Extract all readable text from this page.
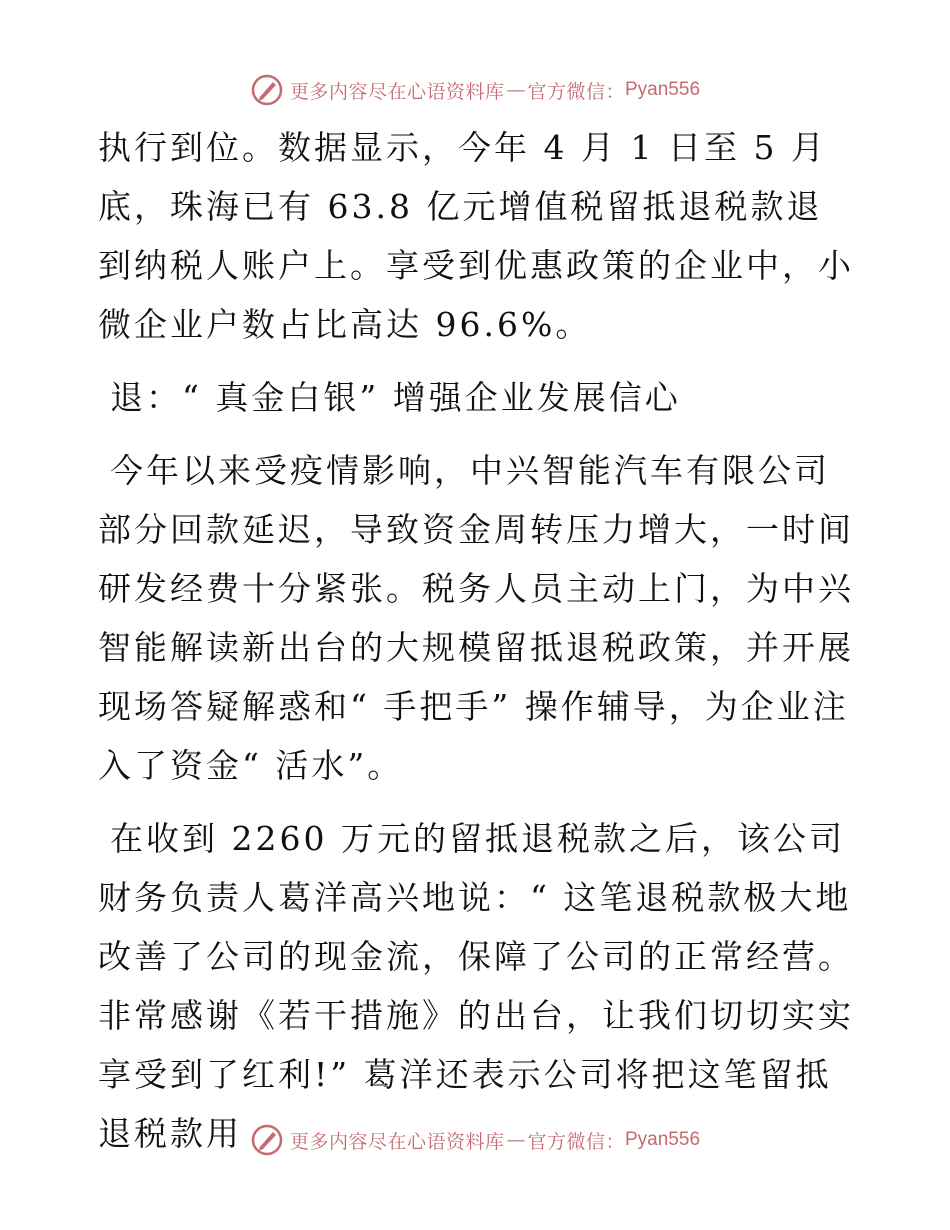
更多内容尽在心语资料库 — 官方微信： Pyan556

执行到位。数据显示，今年 4 月 1 日至 5 月底，珠海已有 63.8 亿元增值税留抵退税款退到纳税人账户上。享受到优惠政策的企业中，小微企业户数占比高达 96.6%。

退：“ 真金白银” 增强企业发展信心

今年以来受疫情影响，中兴智能汽车有限公司部分回款延迟，导致资金周转压力增大，一时间研发经费十分紧张。税务人员主动上门，为中兴智能解读新出台的大规模留抵退税政策，并开展现场答疑解惑和“ 手把手” 操作辅导，为企业注入了资金“ 活水”。

在收到 2260 万元的留抵退税款之后，该公司财务负责人葛洋高兴地说：“ 这笔退税款极大地改善了公司的现金流，保障了公司的正常经营。非常感谢《若干措施》的出台，让我们切切实实享受到了红利!” 葛洋还表示公司将把这笔留抵退税款用	更多内容尽在心语资料库 — 官方微信： Pyan556
